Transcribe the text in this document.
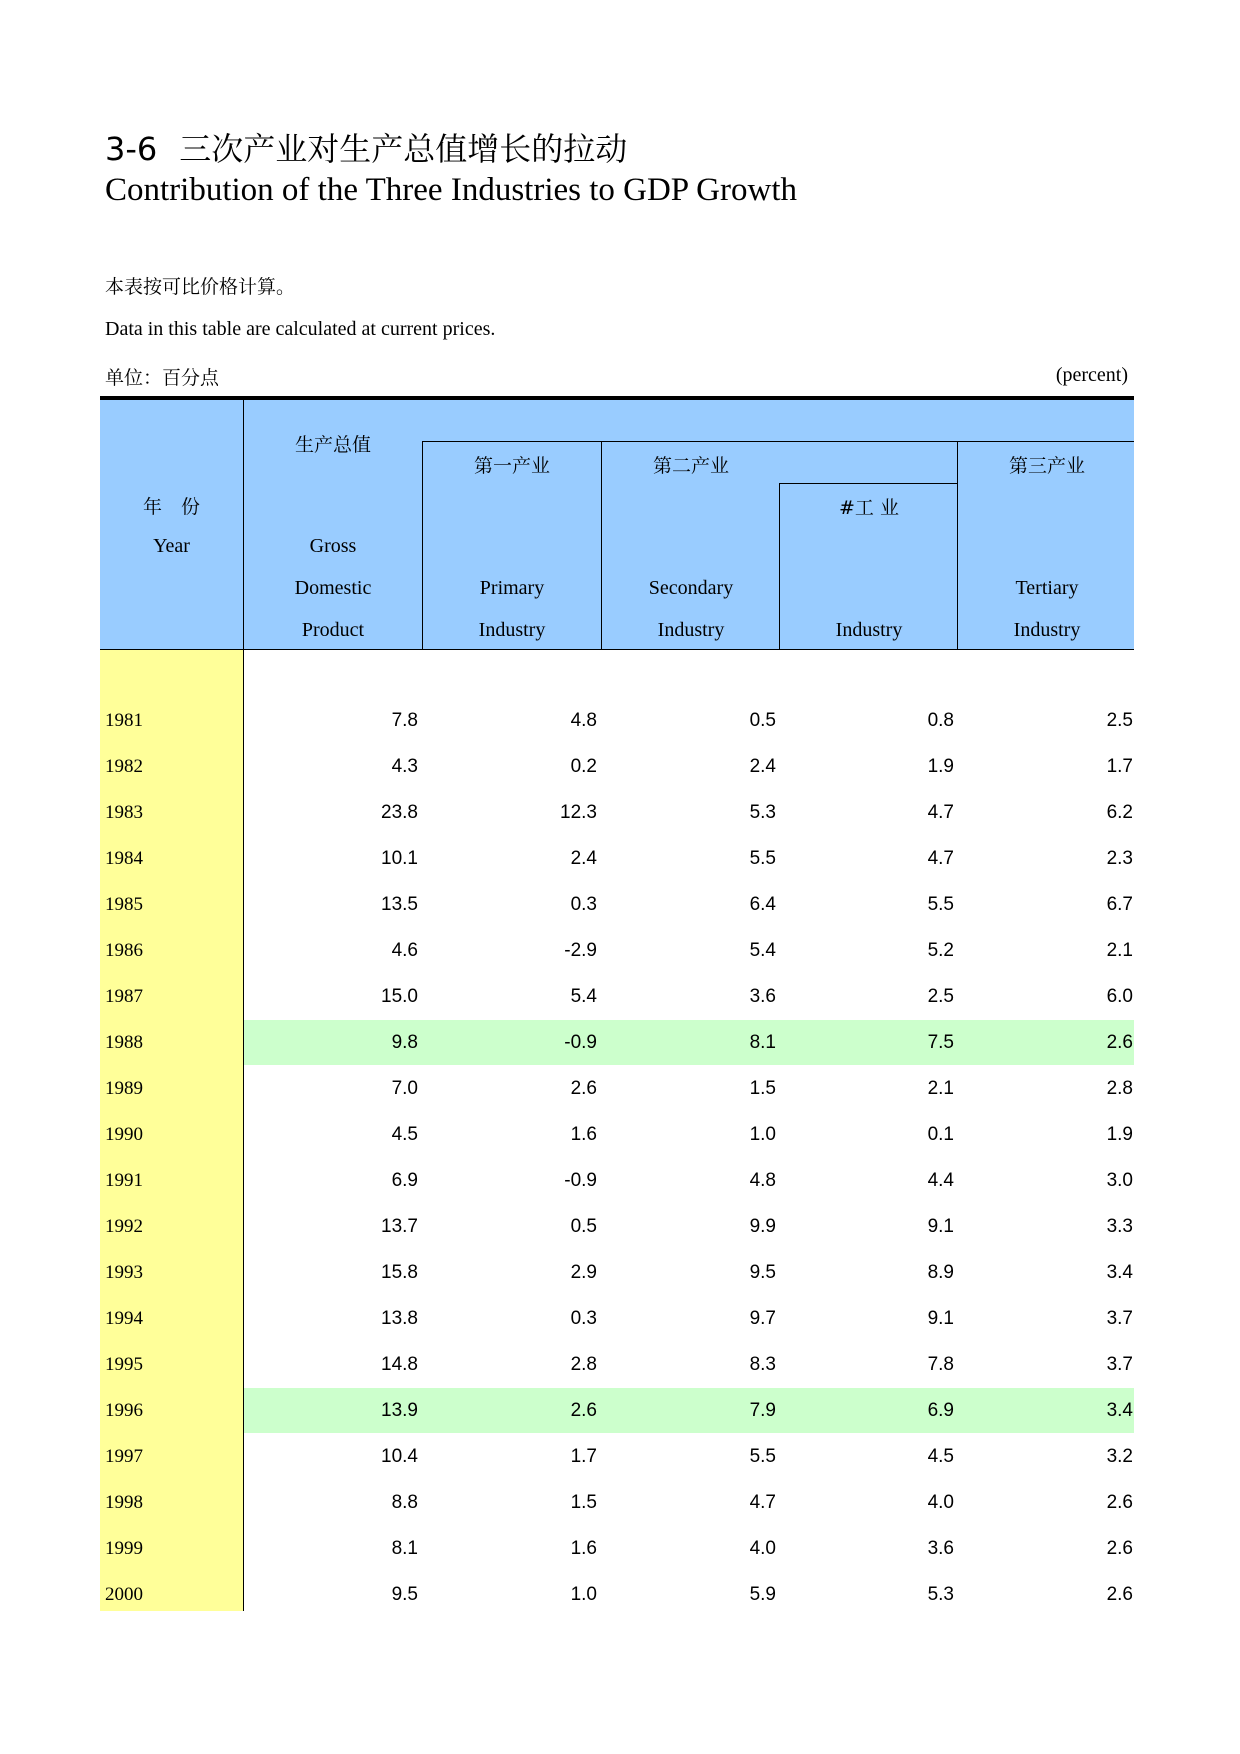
3-6 三次产业对生产总值增长的拉动
Contribution of the Three Industries to GDP Growth
本表按可比价格计算。
Data in this table are calculated at current prices.
单位：百分点	(percent)
年　份
Year
生产总值
Gross
Domestic
Product
第一产业
Primary
Industry
第二产业
Secondary
Industry
#工 业
Industry
第三产业
Tertiary
Industry
1981	7.8	4.8	0.5	0.8	2.5
1982	4.3	0.2	2.4	1.9	1.7
1983	23.8	12.3	5.3	4.7	6.2
1984	10.1	2.4	5.5	4.7	2.3
1985	13.5	0.3	6.4	5.5	6.7
1986	4.6	-2.9	5.4	5.2	2.1
1987	15.0	5.4	3.6	2.5	6.0
1988	9.8	-0.9	8.1	7.5	2.6
1989	7.0	2.6	1.5	2.1	2.8
1990	4.5	1.6	1.0	0.1	1.9
1991	6.9	-0.9	4.8	4.4	3.0
1992	13.7	0.5	9.9	9.1	3.3
1993	15.8	2.9	9.5	8.9	3.4
1994	13.8	0.3	9.7	9.1	3.7
1995	14.8	2.8	8.3	7.8	3.7
1996	13.9	2.6	7.9	6.9	3.4
1997	10.4	1.7	5.5	4.5	3.2
1998	8.8	1.5	4.7	4.0	2.6
1999	8.1	1.6	4.0	3.6	2.6
2000	9.5	1.0	5.9	5.3	2.6
